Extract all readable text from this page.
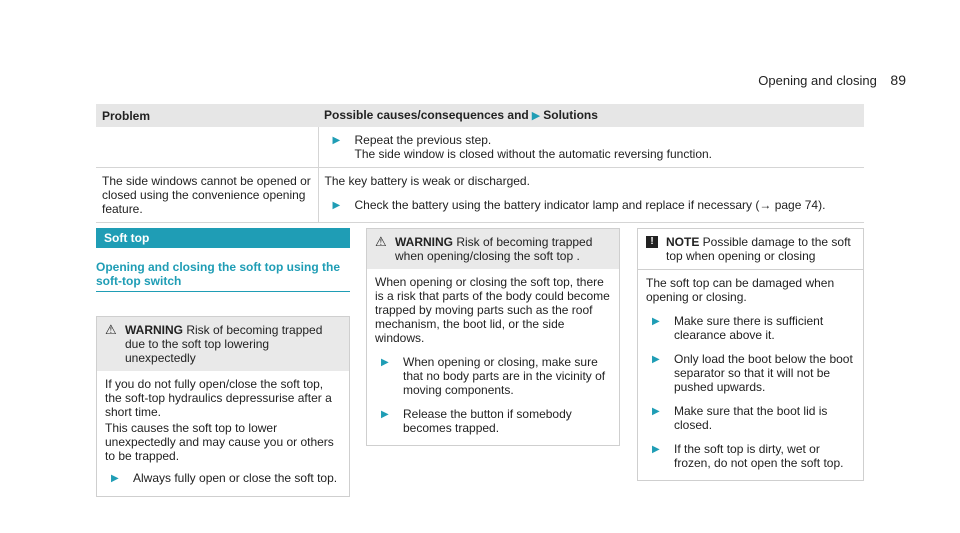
Opening and closing 89
Problem	Possible causes/consequences and ▶ Solutions

	▶ Repeat the previous step.
The side window is closed without the automatic reversing function.

The side windows cannot be opened or closed using the convenience opening feature.	The key battery is weak or discharged.
▶ Check the battery using the battery indicator lamp and replace if necessary (→ page 74).
Soft top
Opening and closing the soft top using the soft-top switch
⚠ WARNING Risk of becoming trapped due to the soft top lowering unexpectedly

If you do not fully open/close the soft top, the soft-top hydraulics depressurise after a short time.

This causes the soft top to lower unexpectedly and may cause you or others to be trapped.

▶	Always fully open or close the soft top.
⚠ WARNING Risk of becoming trapped when opening/closing the soft top .

When opening or closing the soft top, there is a risk that parts of the body could become trapped by moving parts such as the roof mechanism, the boot lid, or the side windows.

▶	When opening or closing, make sure that no body parts are in the vicinity of moving components.
▶	Release the button if somebody becomes trapped.
!	NOTE Possible damage to the soft top when opening or closing

The soft top can be damaged when opening or closing.

▶	Make sure there is sufficient clearance above it.
▶	Only load the boot below the boot separator so that it will not be pushed upwards.
▶	Make sure that the boot lid is closed.
▶	If the soft top is dirty, wet or frozen, do not open the soft top.
